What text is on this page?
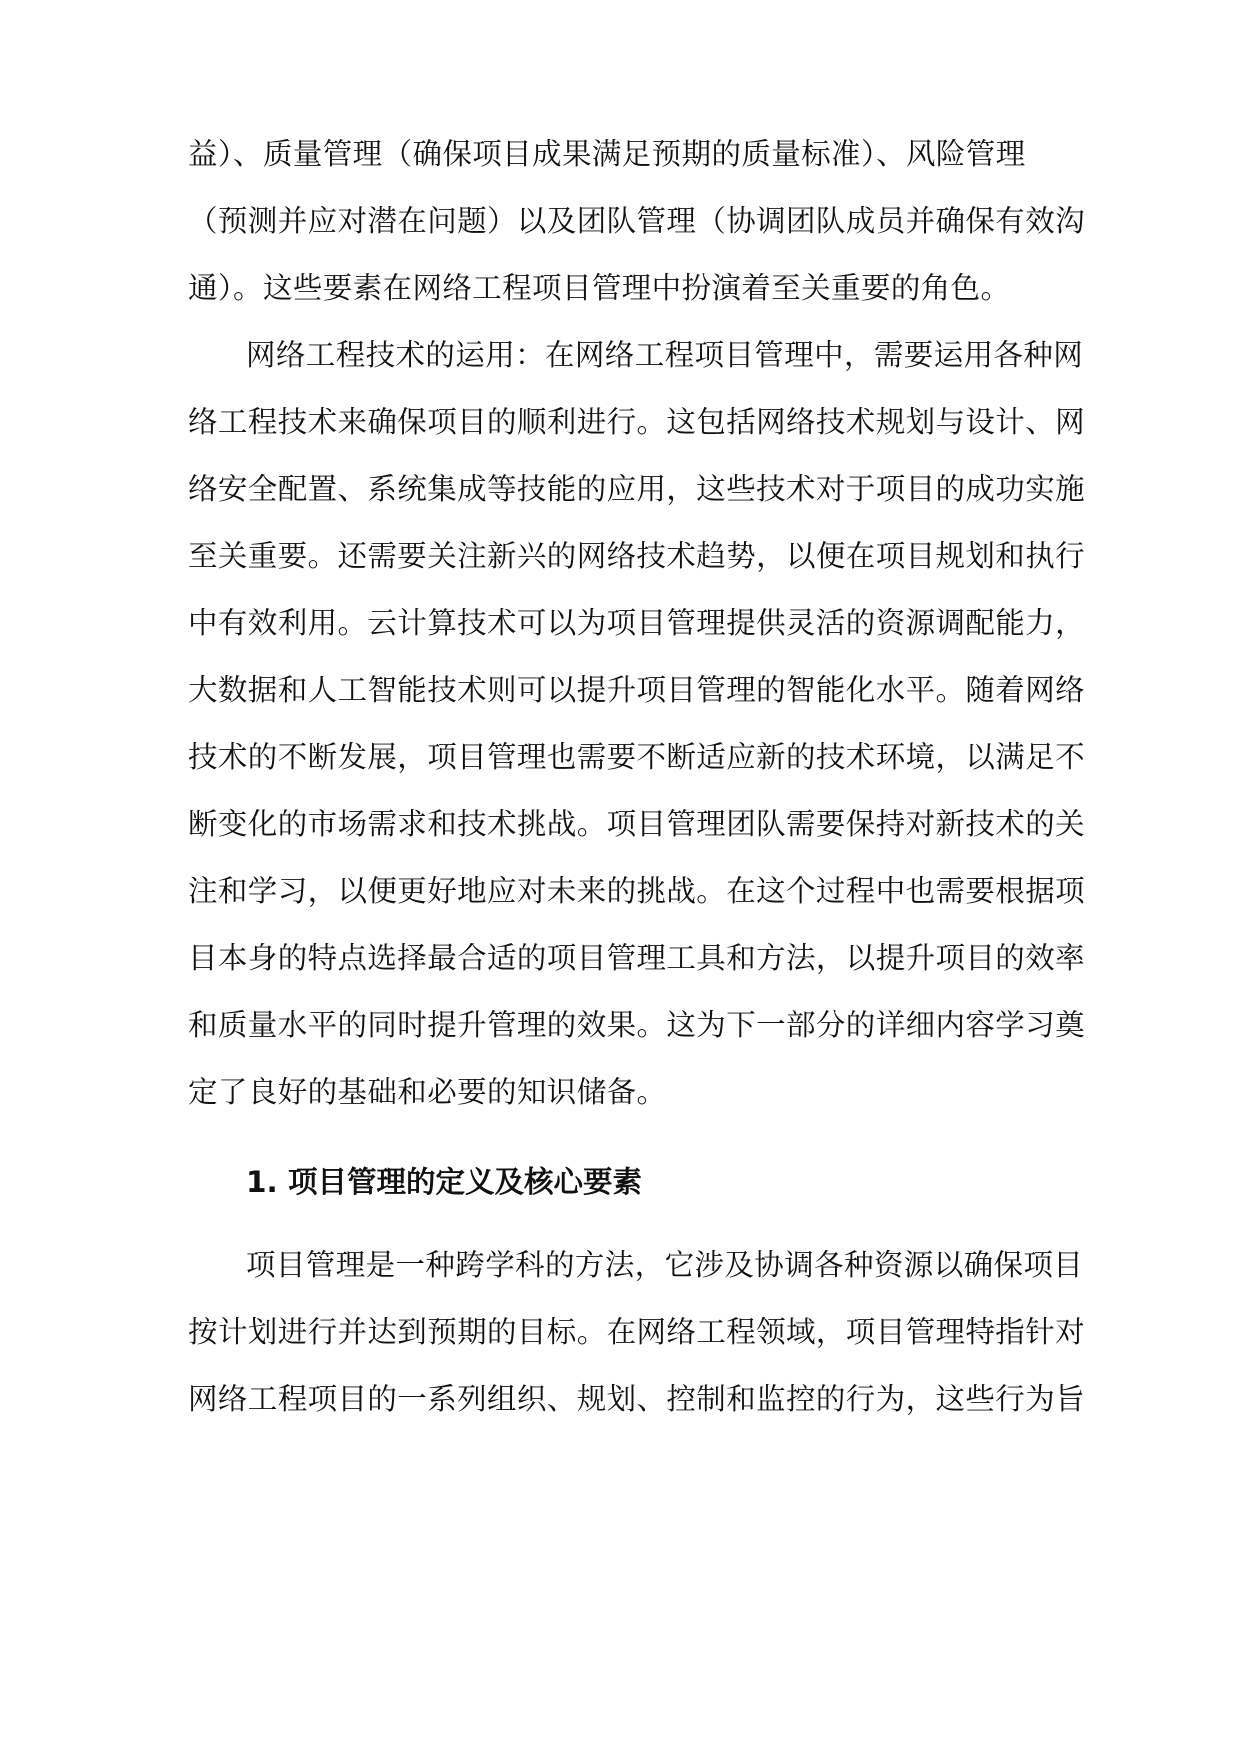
益）、质量管理（确保项目成果满足预期的质量标准）、风险管理
（预测并应对潜在问题）以及团队管理（协调团队成员并确保有效沟
通）。这些要素在网络工程项目管理中扮演着至关重要的角色。
网络工程技术的运用：在网络工程项目管理中，需要运用各种网
络工程技术来确保项目的顺利进行。这包括网络技术规划与设计、网
络安全配置、系统集成等技能的应用，这些技术对于项目的成功实施
至关重要。还需要关注新兴的网络技术趋势，以便在项目规划和执行
中有效利用。云计算技术可以为项目管理提供灵活的资源调配能力，
大数据和人工智能技术则可以提升项目管理的智能化水平。随着网络
技术的不断发展，项目管理也需要不断适应新的技术环境，以满足不
断变化的市场需求和技术挑战。项目管理团队需要保持对新技术的关
注和学习，以便更好地应对未来的挑战。在这个过程中也需要根据项
目本身的特点选择最合适的项目管理工具和方法，以提升项目的效率
和质量水平的同时提升管理的效果。这为下一部分的详细内容学习奠
定了良好的基础和必要的知识储备。
1. 项目管理的定义及核心要素
项目管理是一种跨学科的方法，它涉及协调各种资源以确保项目
按计划进行并达到预期的目标。在网络工程领域，项目管理特指针对
网络工程项目的一系列组织、规划、控制和监控的行为，这些行为旨
